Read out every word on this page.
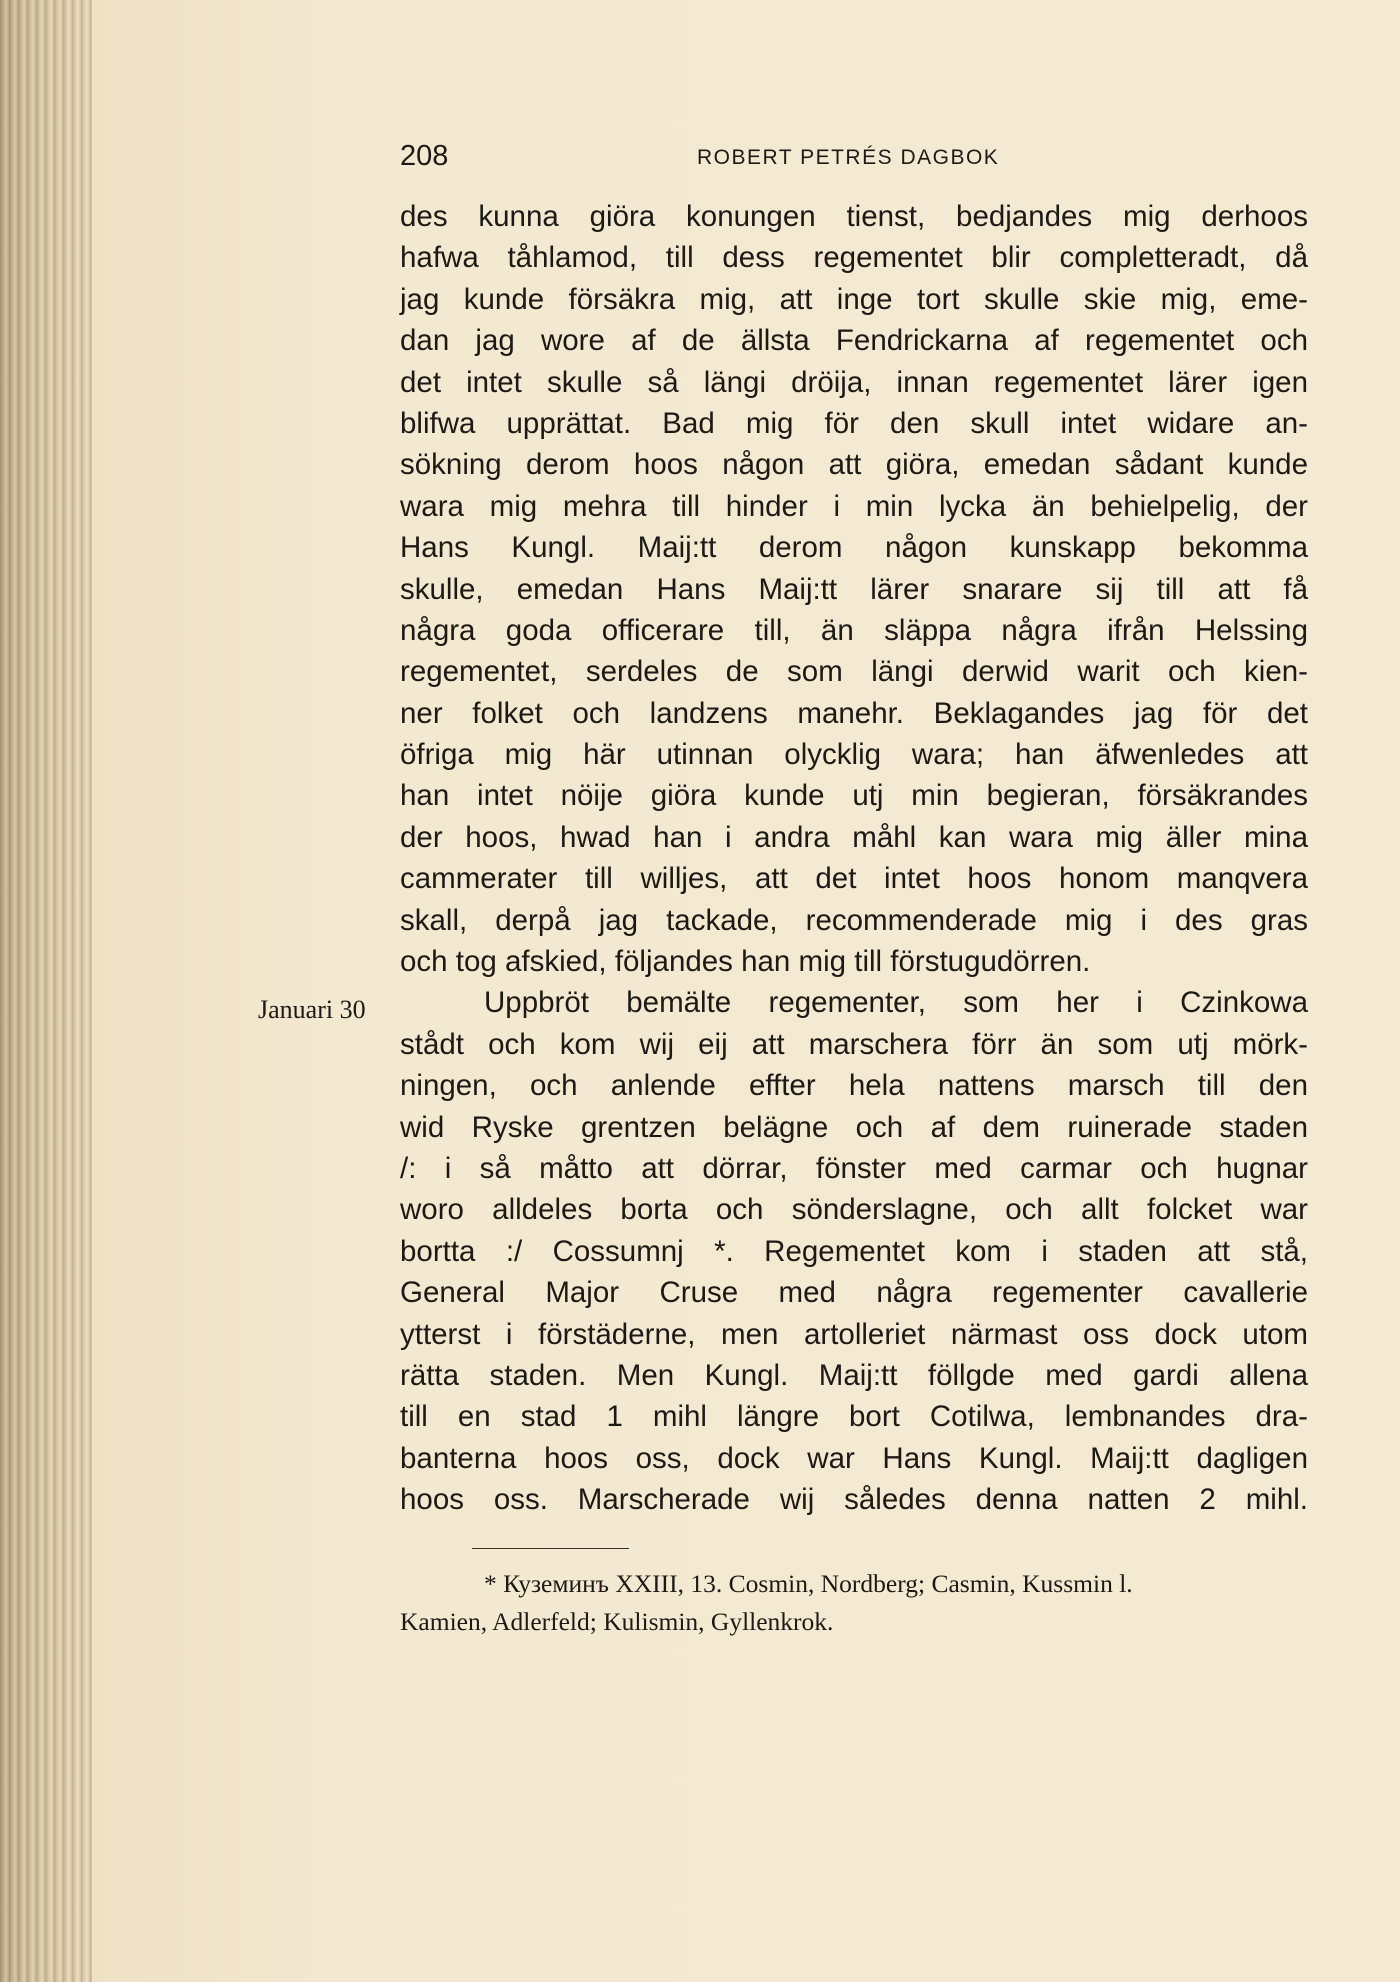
208	ROBERT PETRÉS DAGBOK
Januari 30
des kunna giöra konungen tienst, bedjandes mig derhoos
hafwa tåhlamod, till dess regementet blir completteradt, då
jag kunde försäkra mig, att inge tort skulle skie mig, eme-
dan jag wore af de ällsta Fendrickarna af regementet och
det intet skulle så längi dröija, innan regementet lärer igen
blifwa upprättat. Bad mig för den skull intet widare an-
sökning derom hoos någon att giöra, emedan sådant kunde
wara mig mehra till hinder i min lycka än behielpelig, der
Hans Kungl. Maij:tt derom någon kunskapp bekomma
skulle, emedan Hans Maij:tt lärer snarare sij till att få
några goda officerare till, än släppa några ifrån Helssing
regementet, serdeles de som längi derwid warit och kien-
ner folket och landzens manehr. Beklagandes jag för det
öfriga mig här utinnan olycklig wara; han äfwenledes att
han intet nöije giöra kunde utj min begieran, försäkrandes
der hoos, hwad han i andra måhl kan wara mig äller mina
cammerater till willjes, att det intet hoos honom manqvera
skall, derpå jag tackade, recommenderade mig i des gras
och tog afskied, följandes han mig till förstugudörren.
Uppbröt bemälte regementer, som her i Czinkowa
stådt och kom wij eij att marschera förr än som utj mörk-
ningen, och anlende effter hela nattens marsch till den
wid Ryske grentzen belägne och af dem ruinerade staden
/: i så måtto att dörrar, fönster med carmar och hugnar
woro alldeles borta och sönderslagne, och allt folcket war
bortta :/ Cossumnj *. Regementet kom i staden att stå,
General Major Cruse med några regementer cavallerie
ytterst i förstäderne, men artolleriet närmast oss dock utom
rätta staden. Men Kungl. Maij:tt föllgde med gardi allena
till en stad 1 mihl längre bort Cotilwa, lembnandes dra-
banterna hoos oss, dock war Hans Kungl. Maij:tt dagligen
hoos oss. Marscherade wij således denna natten 2 mihl.
* Куземинъ XXIII, 13. Cosmin, Nordberg; Casmin, Kussmin l.
Kamien, Adlerfeld; Kulismin, Gyllenkrok.
